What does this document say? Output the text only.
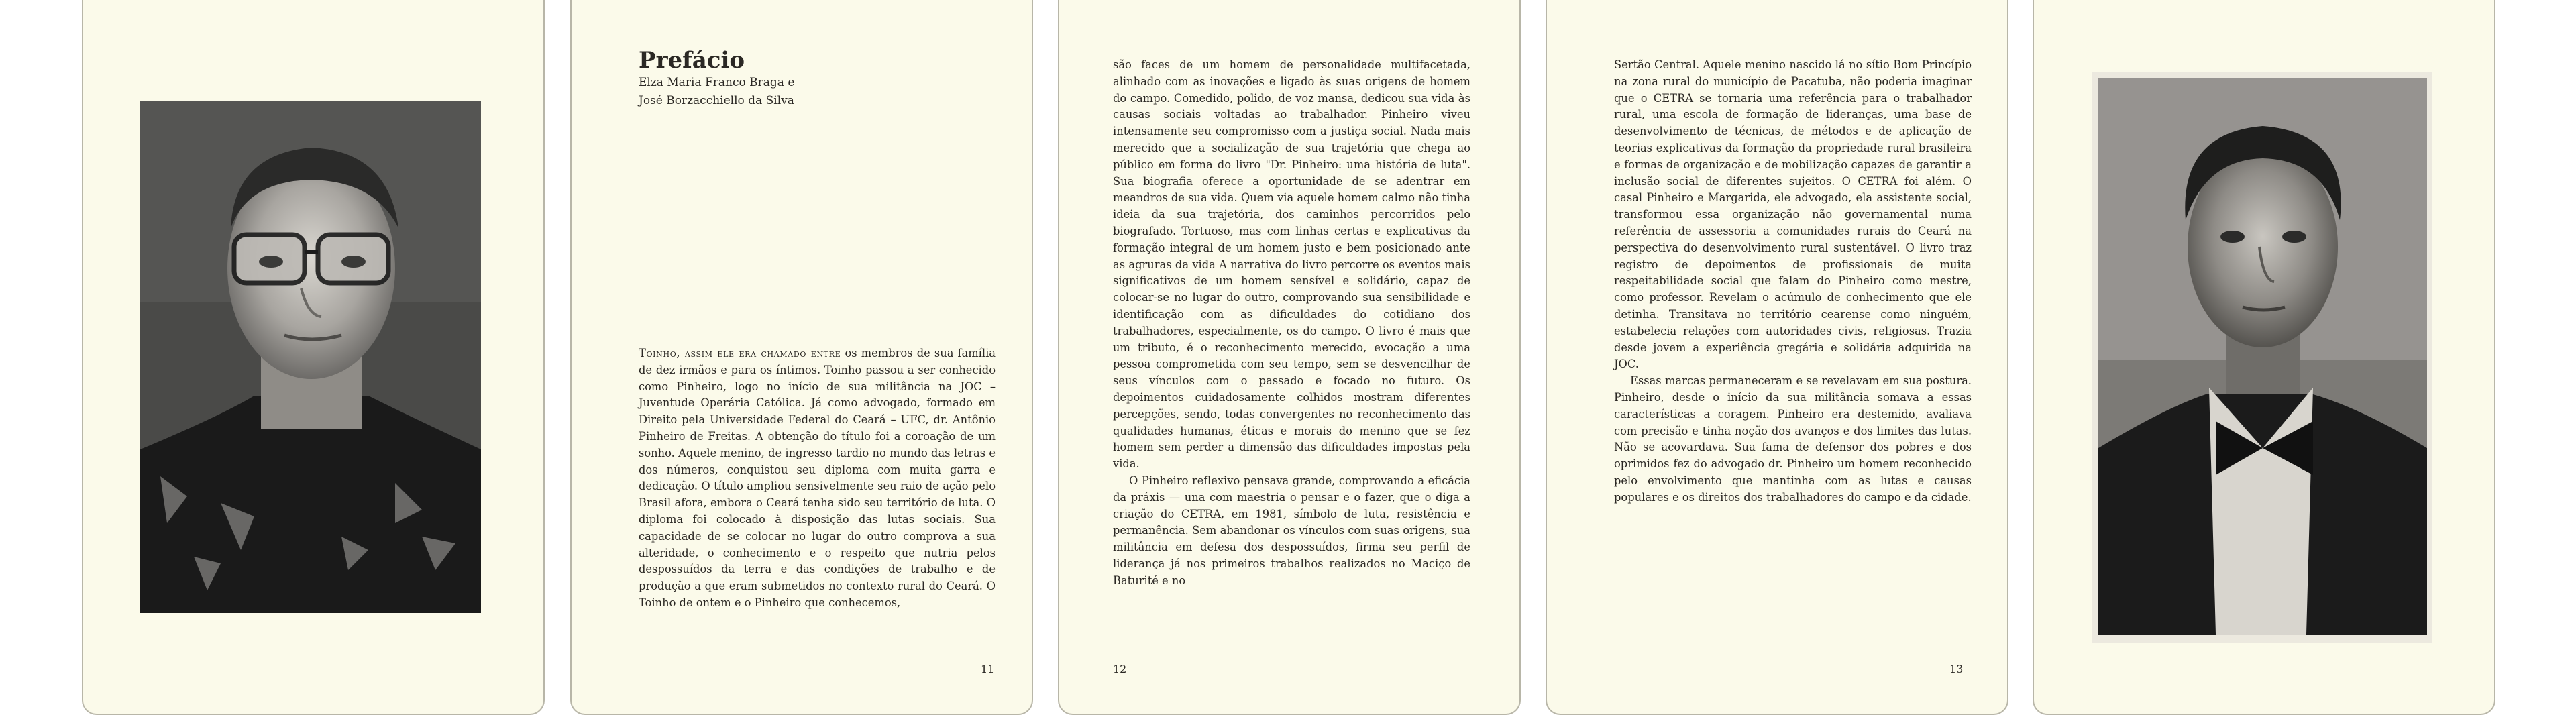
Prefácio
Elza Maria Franco Braga e
José Borzacchiello da Silva

Toinho, assim ele era chamado entre os membros de sua família de dez irmãos e para os íntimos. Toinho passou a ser conhecido como Pinheiro, logo no início de sua militância na JOC – Juventude Operária Católica. Já como advogado, formado em Direito pela Universidade Federal do Ceará – UFC, dr. Antônio Pinheiro de Freitas. A obtenção do título foi a coroação de um sonho. Aquele menino, de ingresso tardio no mundo das letras e dos números, conquistou seu diploma com muita garra e dedicação. O título ampliou sensivelmente seu raio de ação pelo Brasil afora, embora o Ceará tenha sido seu território de luta. O diploma foi colocado à disposição das lutas sociais. Sua capacidade de se colocar no lugar do outro comprova a sua alteridade, o conhecimento e o respeito que nutria pelos despossuídos da terra e das condições de trabalho e de produção a que eram submetidos no contexto rural do Ceará. O Toinho de ontem e o Pinheiro que conhecemos,

11

são faces de um homem de personalidade multifacetada, alinhado com as inovações e ligado às suas origens de homem do campo. Comedido, polido, de voz mansa, dedicou sua vida às causas sociais voltadas ao trabalhador. Pinheiro viveu intensamente seu compromisso com a justiça social. Nada mais merecido que a socialização de sua trajetória que chega ao público em forma do livro "Dr. Pinheiro: uma história de luta". Sua biografia oferece a oportunidade de se adentrar em meandros de sua vida. Quem via aquele homem calmo não tinha ideia da sua trajetória, dos caminhos percorridos pelo biografado. Tortuoso, mas com linhas certas e explicativas da formação integral de um homem justo e bem posicionado ante as agruras da vida A narrativa do livro percorre os eventos mais significativos de um homem sensível e solidário, capaz de colocar-se no lugar do outro, comprovando sua sensibilidade e identificação com as dificuldades do cotidiano dos trabalhadores, especialmente, os do campo. O livro é mais que um tributo, é o reconhecimento merecido, evocação a uma pessoa comprometida com seu tempo, sem se desvencilhar de seus vínculos com o passado e focado no futuro. Os depoimentos cuidadosamente colhidos mostram diferentes percepções, sendo, todas convergentes no reconhecimento das qualidades humanas, éticas e morais do menino que se fez homem sem perder a dimensão das dificuldades impostas pela vida.

O Pinheiro reflexivo pensava grande, comprovando a eficácia da práxis — una com maestria o pensar e o fazer, que o diga a criação do CETRA, em 1981, símbolo de luta, resistência e permanência. Sem abandonar os vínculos com suas origens, sua militância em defesa dos despossuídos, firma seu perfil de liderança já nos primeiros trabalhos realizados no Maciço de Baturité e no

12

Sertão Central. Aquele menino nascido lá no sítio Bom Princípio na zona rural do município de Pacatuba, não poderia imaginar que o CETRA se tornaria uma referência para o trabalhador rural, uma escola de formação de lideranças, uma base de desenvolvimento de técnicas, de métodos e de aplicação de teorias explicativas da formação da propriedade rural brasileira e formas de organização e de mobilização capazes de garantir a inclusão social de diferentes sujeitos. O CETRA foi além. O casal Pinheiro e Margarida, ele advogado, ela assistente social, transformou essa organização não governamental numa referência de assessoria a comunidades rurais do Ceará na perspectiva do desenvolvimento rural sustentável. O livro traz registro de depoimentos de profissionais de muita respeitabilidade social que falam do Pinheiro como mestre, como professor. Revelam o acúmulo de conhecimento que ele detinha. Transitava no território cearense como ninguém, estabelecia relações com autoridades civis, religiosas. Trazia desde jovem a experiência gregária e solidária adquirida na JOC.

Essas marcas permaneceram e se revelavam em sua postura. Pinheiro, desde o início da sua militância somava a essas características a coragem. Pinheiro era destemido, avaliava com precisão e tinha noção dos avanços e dos limites das lutas. Não se acovardava. Sua fama de defensor dos pobres e dos oprimidos fez do advogado dr. Pinheiro um homem reconhecido pelo envolvimento que mantinha com as lutas e causas populares e os direitos dos trabalhadores do campo e da cidade.

13
